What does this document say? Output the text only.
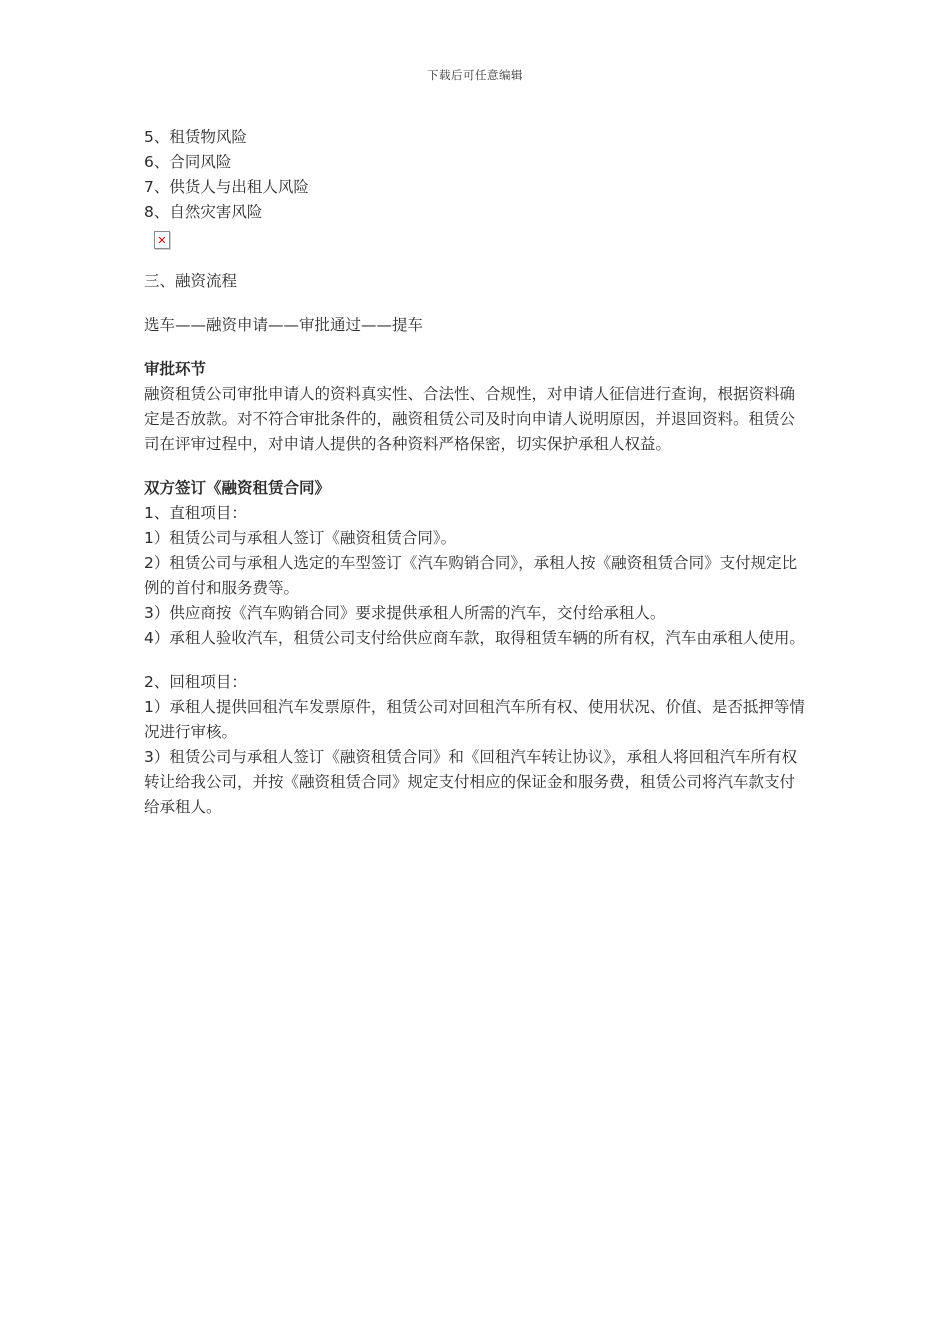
下载后可任意编辑

5、租赁物风险

6、合同风险

7、供货人与出租人风险

8、自然灾害风险

✕

三、融资流程

选车——融资申请——审批通过——提车

审批环节

融资租赁公司审批申请人的资料真实性、合法性、合规性，对申请人征信进行查询，根据资料确定是否放款。对不符合审批条件的，融资租赁公司及时向申请人说明原因，并退回资料。租赁公司在评审过程中，对申请人提供的各种资料严格保密，切实保护承租人权益。

双方签订《融资租赁合同》

1、直租项目：

1）租赁公司与承租人签订《融资租赁合同》。

2）租赁公司与承租人选定的车型签订《汽车购销合同》，承租人按《融资租赁合同》支付规定比例的首付和服务费等。

3）供应商按《汽车购销合同》要求提供承租人所需的汽车，交付给承租人。

4）承租人验收汽车，租赁公司支付给供应商车款，取得租赁车辆的所有权，汽车由承租人使用。

2、回租项目：

1）承租人提供回租汽车发票原件，租赁公司对回租汽车所有权、使用状况、价值、是否抵押等情况进行审核。

3）租赁公司与承租人签订《融资租赁合同》和《回租汽车转让协议》，承租人将回租汽车所有权转让给我公司，并按《融资租赁合同》规定支付相应的保证金和服务费，租赁公司将汽车款支付给承租人。
